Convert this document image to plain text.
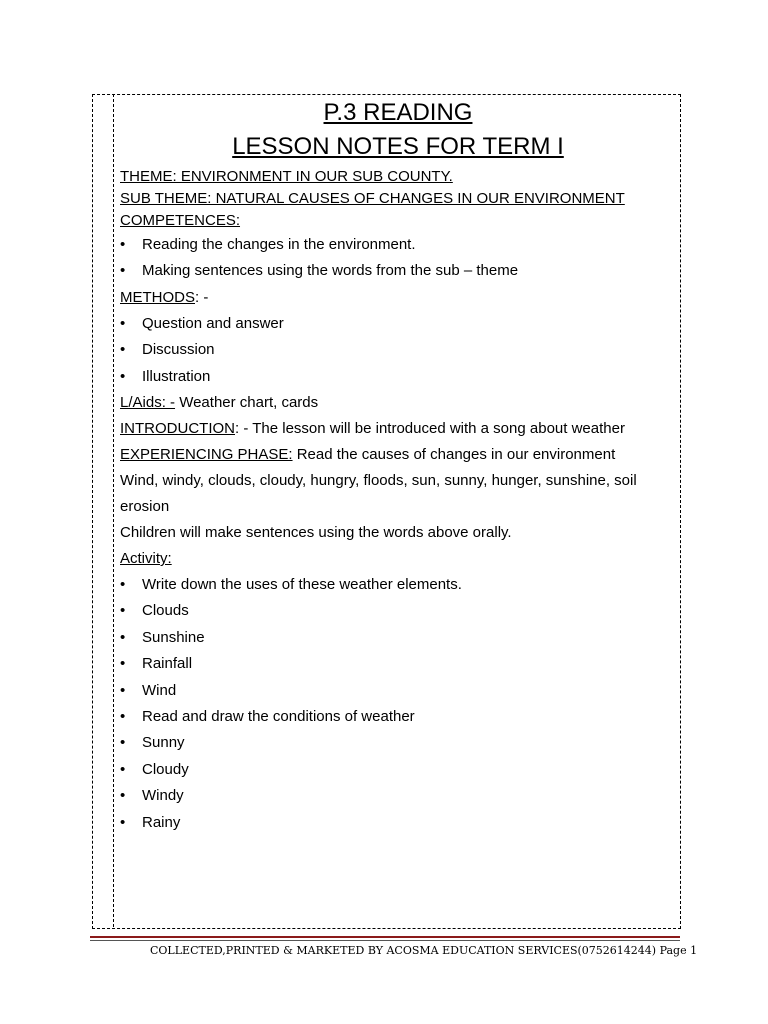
P.3 READING
LESSON NOTES FOR TERM I
THEME: ENVIRONMENT IN OUR SUB COUNTY.
SUB THEME: NATURAL CAUSES OF CHANGES IN OUR ENVIRONMENT
COMPETENCES:
• Reading the changes in the environment.
• Making sentences using the words from the sub – theme
METHODS: -
• Question and answer
• Discussion
• Illustration
L/Aids: - Weather chart, cards
INTRODUCTION: - The lesson will be introduced with a song about weather
EXPERIENCING PHASE: Read the causes of changes in our environment
Wind, windy, clouds, cloudy, hungry, floods, sun, sunny, hunger, sunshine, soil erosion
Children will make sentences using the words above orally.
Activity:
• Write down the uses of these weather elements.
• Clouds
• Sunshine
• Rainfall
• Wind
• Read and draw the conditions of weather
• Sunny
• Cloudy
• Windy
• Rainy
COLLECTED,PRINTED & MARKETED BY ACOSMA EDUCATION SERVICES(0752614244) Page 1
